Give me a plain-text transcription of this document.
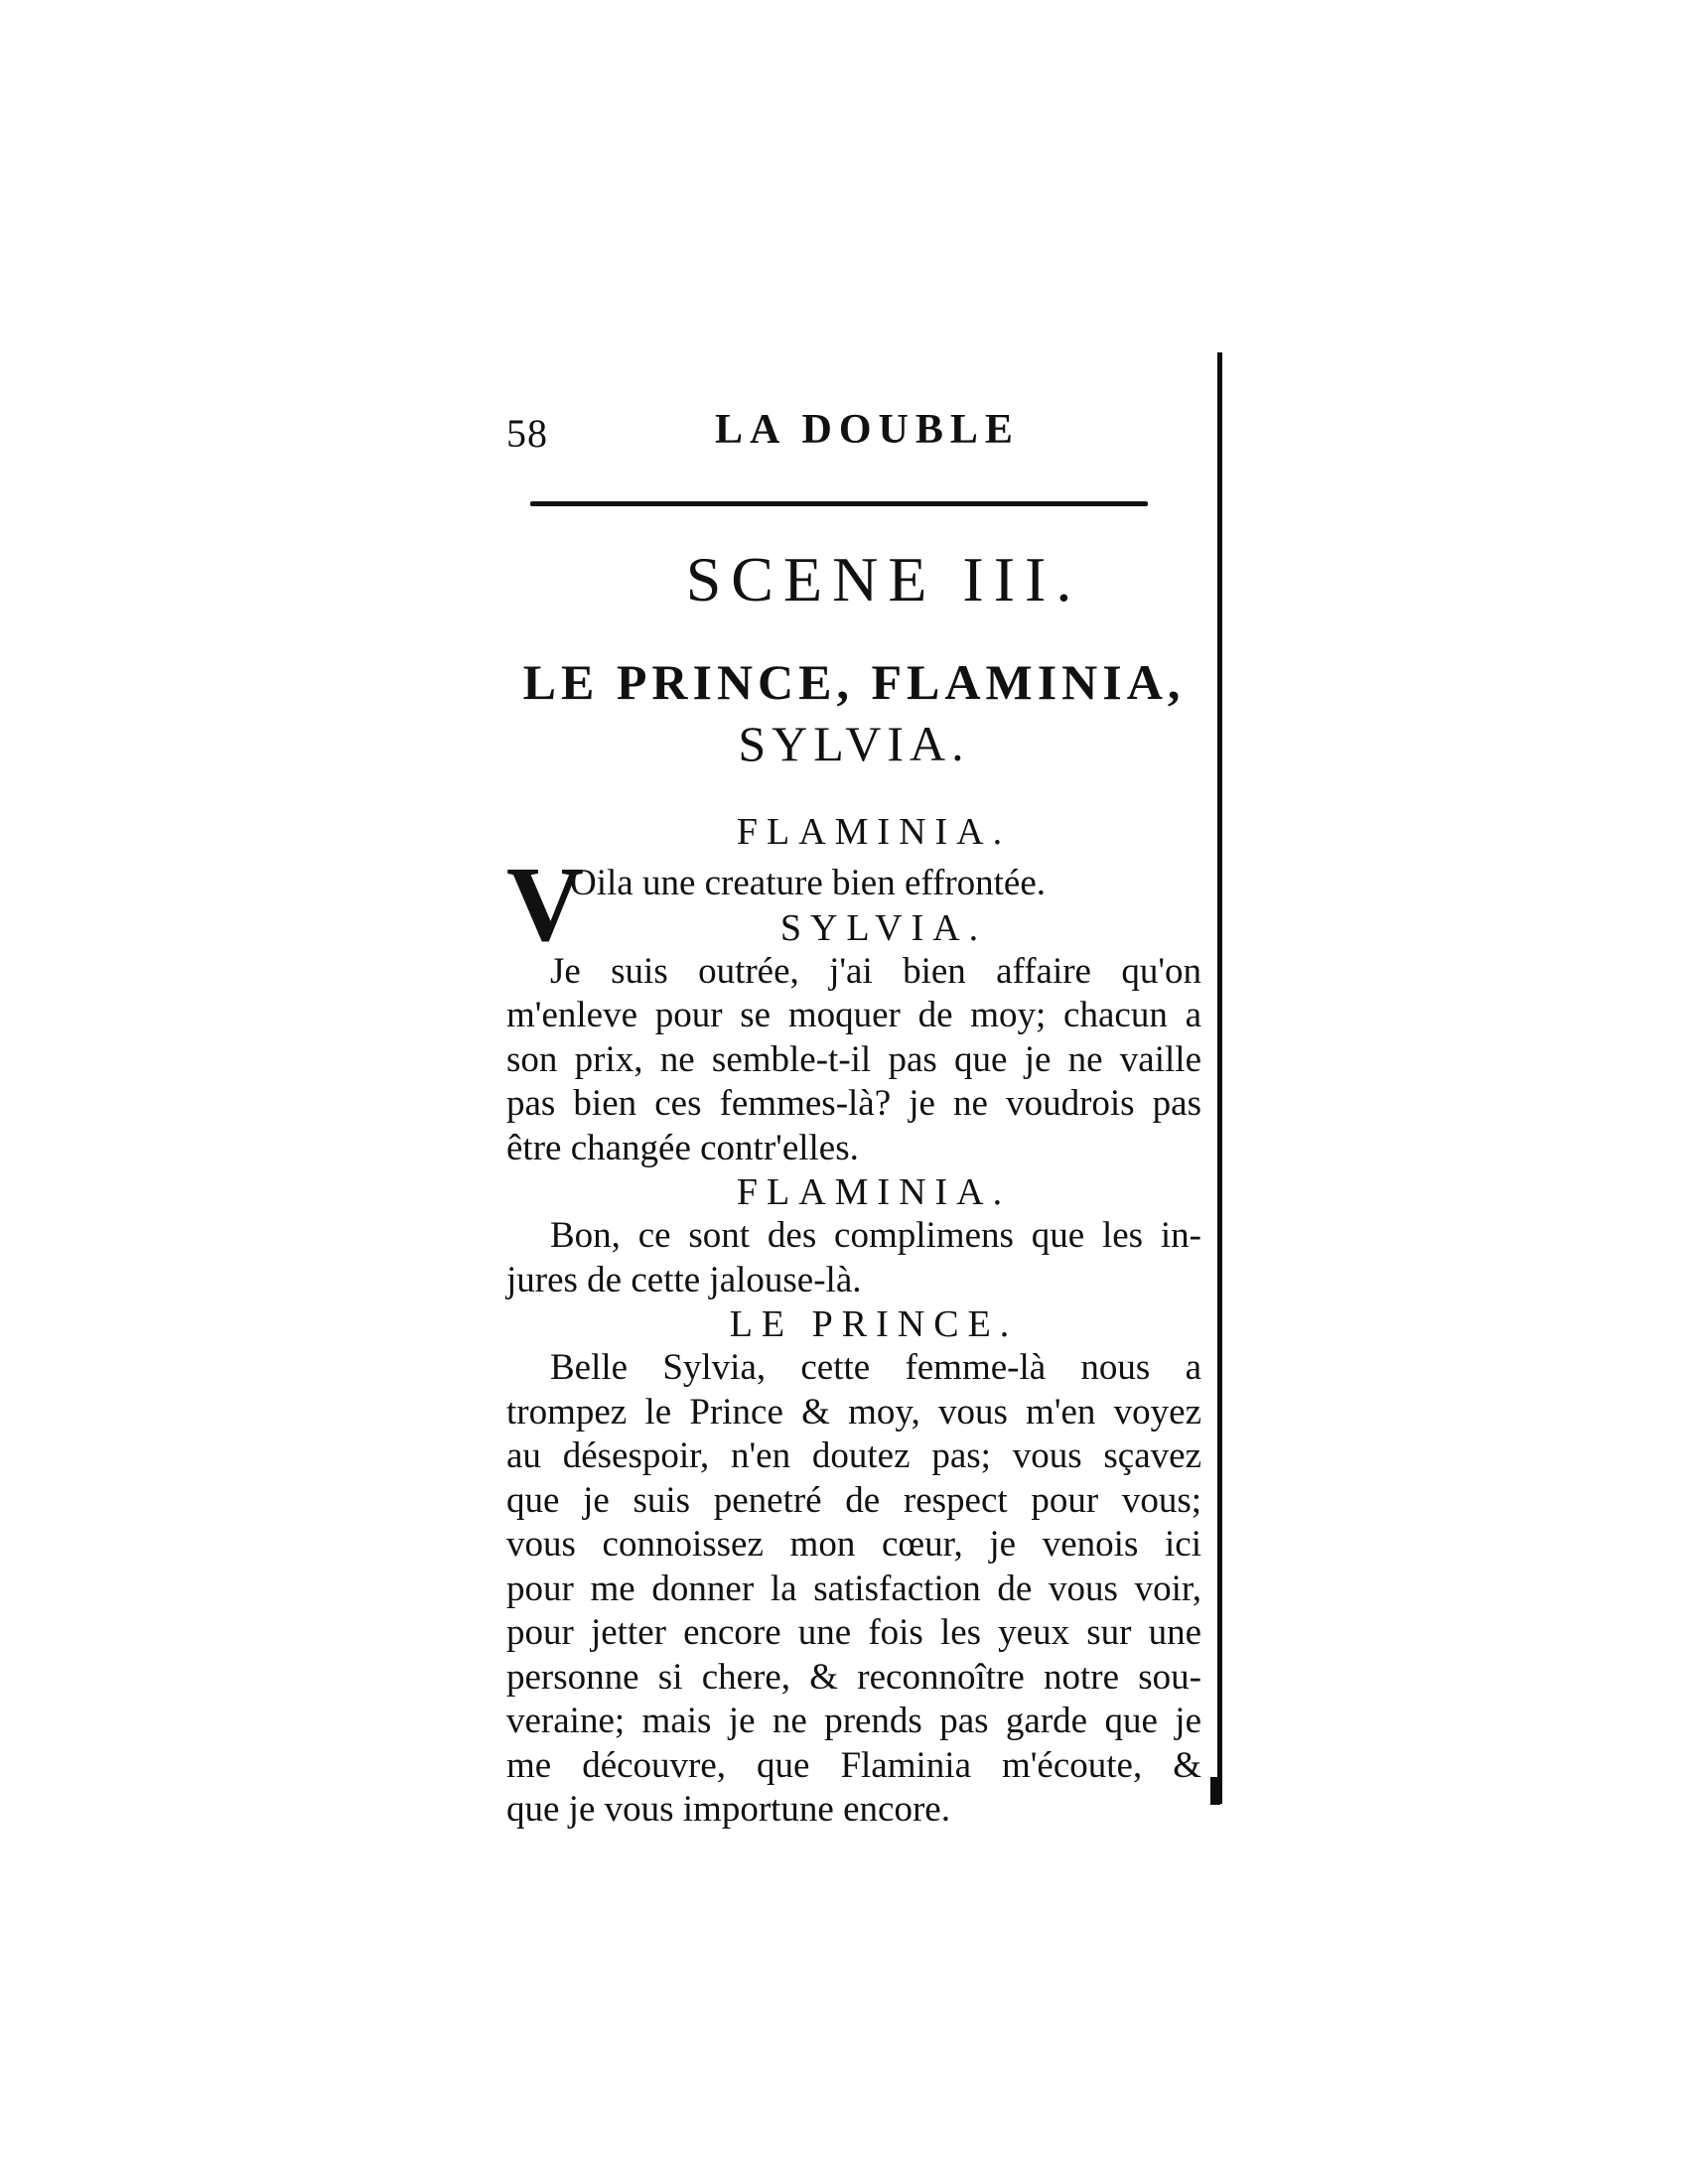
58	LA DOUBLE
SCENE III.
LE PRINCE, FLAMINIA,
SYLVIA.
FLAMINIA.
V
Oila une creature bien effrontée.
SYLVIA.
Je suis outrée, j'ai bien affaire qu'on
m'enleve pour se moquer de moy; chacun a
son prix, ne semble-t-il pas que je ne vaille
pas bien ces femmes-là? je ne voudrois pas
être changée contr'elles.
FLAMINIA.
Bon, ce sont des complimens que les in-
jures de cette jalouse-là.
LE PRINCE.
Belle Sylvia, cette femme-là nous a
trompez le Prince & moy, vous m'en voyez
au désespoir, n'en doutez pas; vous sçavez
que je suis penetré de respect pour vous;
vous connoissez mon cœur, je venois ici
pour me donner la satisfaction de vous voir,
pour jetter encore une fois les yeux sur une
personne si chere, & reconnoître notre sou-
veraine; mais je ne prends pas garde que je
me découvre, que Flaminia m'écoute, &
que je vous importune encore.
